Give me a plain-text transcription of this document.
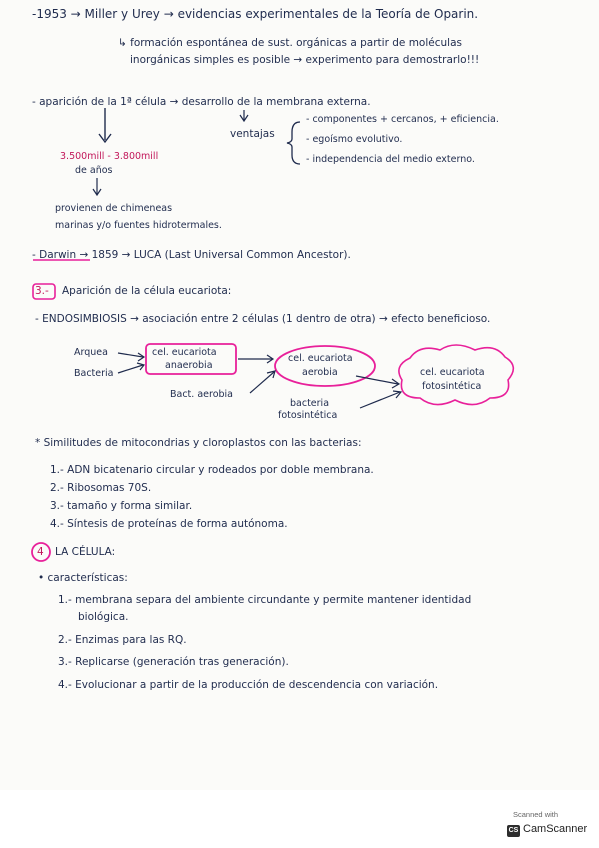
-1953 → Miller y Urey → evidencias experimentales de la Teoría de Oparin.
↳ formación espontánea de sust. orgánicas a partir de moléculas
inorgánicas simples es posible → experimento para demostrarlo!!!
- aparición de la 1ª célula → desarrollo de la membrana externa.
ventajas
- componentes + cercanos, + eficiencia.
- egoísmo evolutivo.
- independencia del medio externo.
3.500mill - 3.800mill
de años
provienen de chimeneas
marinas y/o fuentes hidrotermales.
- Darwin → 1859 → LUCA (Last Universal Common Ancestor).
3.- Aparición de la célula eucariota:
- ENDOSIMBIOSIS → asociación entre 2 células (1 dentro de otra) → efecto beneficioso.
Arquea
Bacteria
cel. eucariota
anaerobia
Bact. aerobia
cel. eucariota
aerobia
bacteria
fotosintética
cel. eucariota
fotosintética
* Similitudes de mitocondrias y cloroplastos con las bacterias:
1.- ADN bicatenario circular y rodeados por doble membrana.
2.- Ribosomas 70S.
3.- tamaño y forma similar.
4.- Síntesis de proteínas de forma autónoma.
4 LA CÉLULA:
• características:
1.- membrana separa del ambiente circundante y permite mantener identidad
biológica.
2.- Enzimas para las RQ.
3.- Replicarse (generación tras generación).
4.- Evolucionar a partir de la producción de descendencia con variación.
Scanned with
CS CamScanner
